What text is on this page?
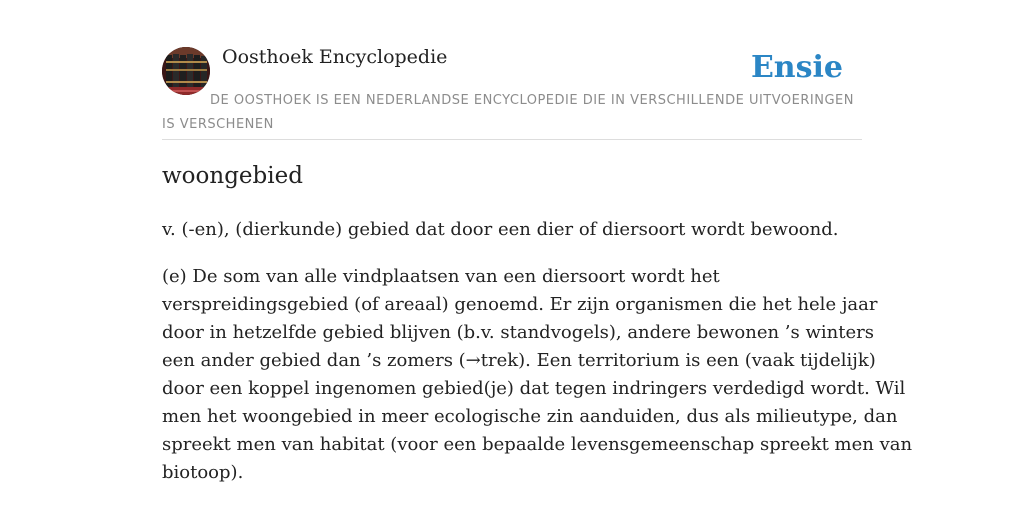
Oosthoek Encyclopedie	Ensie
DE OOSTHOEK IS EEN NEDERLANDSE ENCYCLOPEDIE DIE IN VERSCHILLENDE UITVOERINGEN IS VERSCHENEN
woongebied

v. (-en), (dierkunde) gebied dat door een dier of diersoort wordt bewoond.

(e) De som van alle vindplaatsen van een diersoort wordt het
verspreidingsgebied (of areaal) genoemd. Er zijn organismen die het hele jaar
door in hetzelfde gebied blijven (b.v. standvogels), andere bewonen ’s winters
een ander gebied dan ’s zomers (→trek). Een territorium is een (vaak tijdelijk)
door een koppel ingenomen gebied(je) dat tegen indringers verdedigd wordt. Wil
men het woongebied in meer ecologische zin aanduiden, dus als milieutype, dan
spreekt men van habitat (voor een bepaalde levensgemeenschap spreekt men van
biotoop).
